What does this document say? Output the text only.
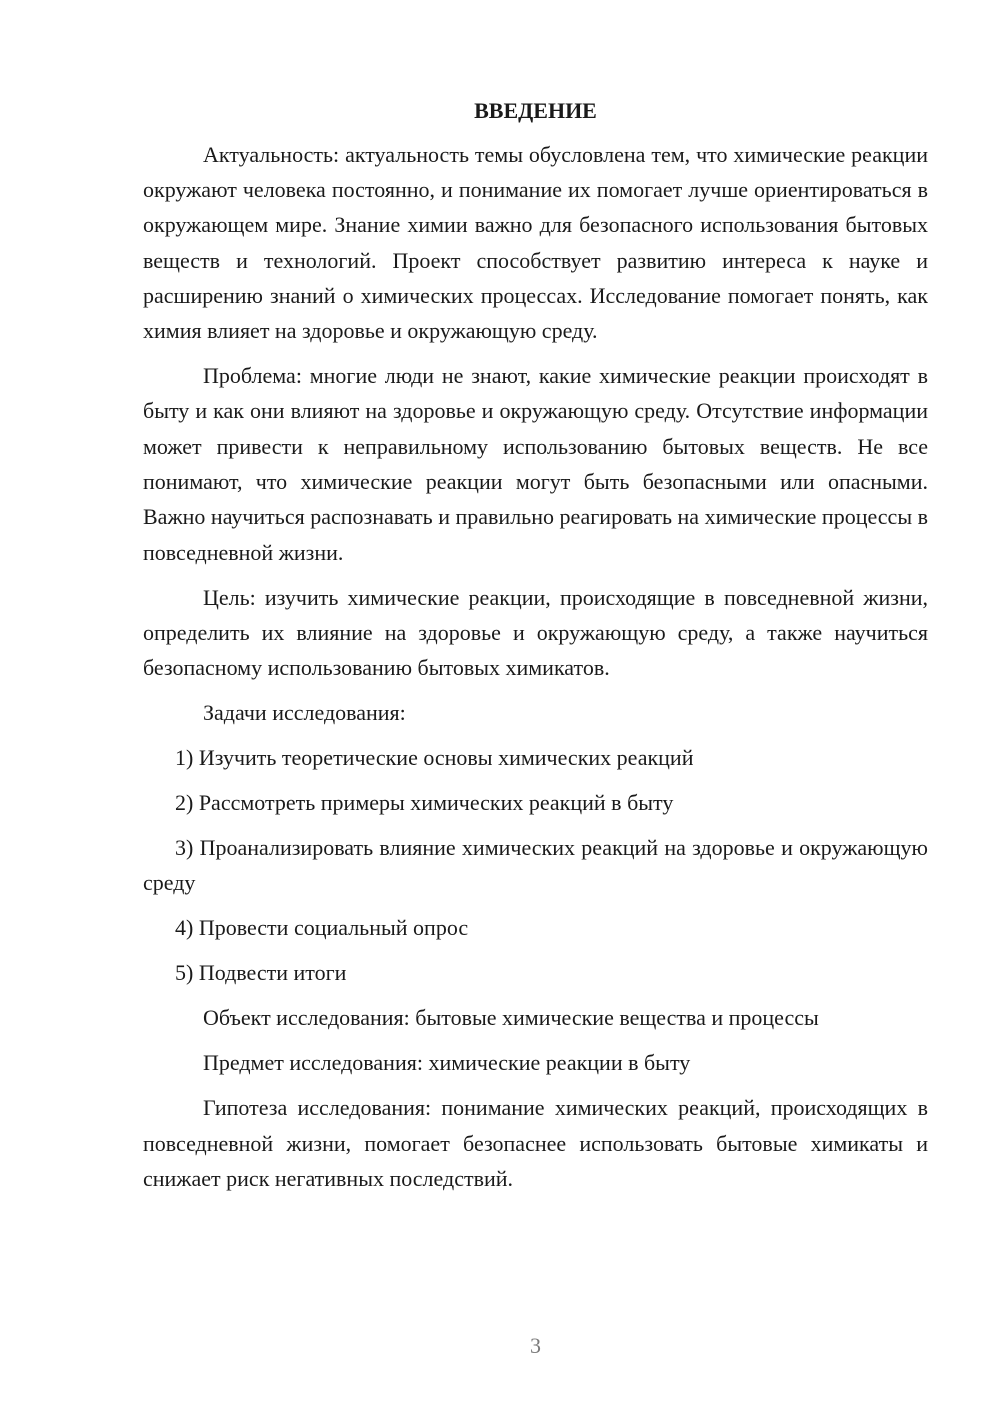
ВВЕДЕНИЕ

Актуальность: актуальность темы обусловлена тем, что химические реакции окружают человека постоянно, и понимание их помогает лучше ориентироваться в окружающем мире. Знание химии важно для безопасного использования бытовых веществ и технологий. Проект способствует развитию интереса к науке и расширению знаний о химических процессах. Исследование помогает понять, как химия влияет на здоровье и окружающую среду.

Проблема: многие люди не знают, какие химические реакции происходят в быту и как они влияют на здоровье и окружающую среду. Отсутствие информации может привести к неправильному использованию бытовых веществ. Не все понимают, что химические реакции могут быть безопасными или опасными. Важно научиться распознавать и правильно реагировать на химические процессы в повседневной жизни.

Цель: изучить химические реакции, происходящие в повседневной жизни, определить их влияние на здоровье и окружающую среду, а также научиться безопасному использованию бытовых химикатов.

Задачи исследования:

1) Изучить теоретические основы химических реакций

2) Рассмотреть примеры химических реакций в быту

3) Проанализировать влияние химических реакций на здоровье и окружающую среду

4) Провести социальный опрос

5) Подвести итоги

Объект исследования: бытовые химические вещества и процессы

Предмет исследования: химические реакции в быту

Гипотеза исследования: понимание химических реакций, происходящих в повседневной жизни, помогает безопаснее использовать бытовые химикаты и снижает риск негативных последствий.

3
